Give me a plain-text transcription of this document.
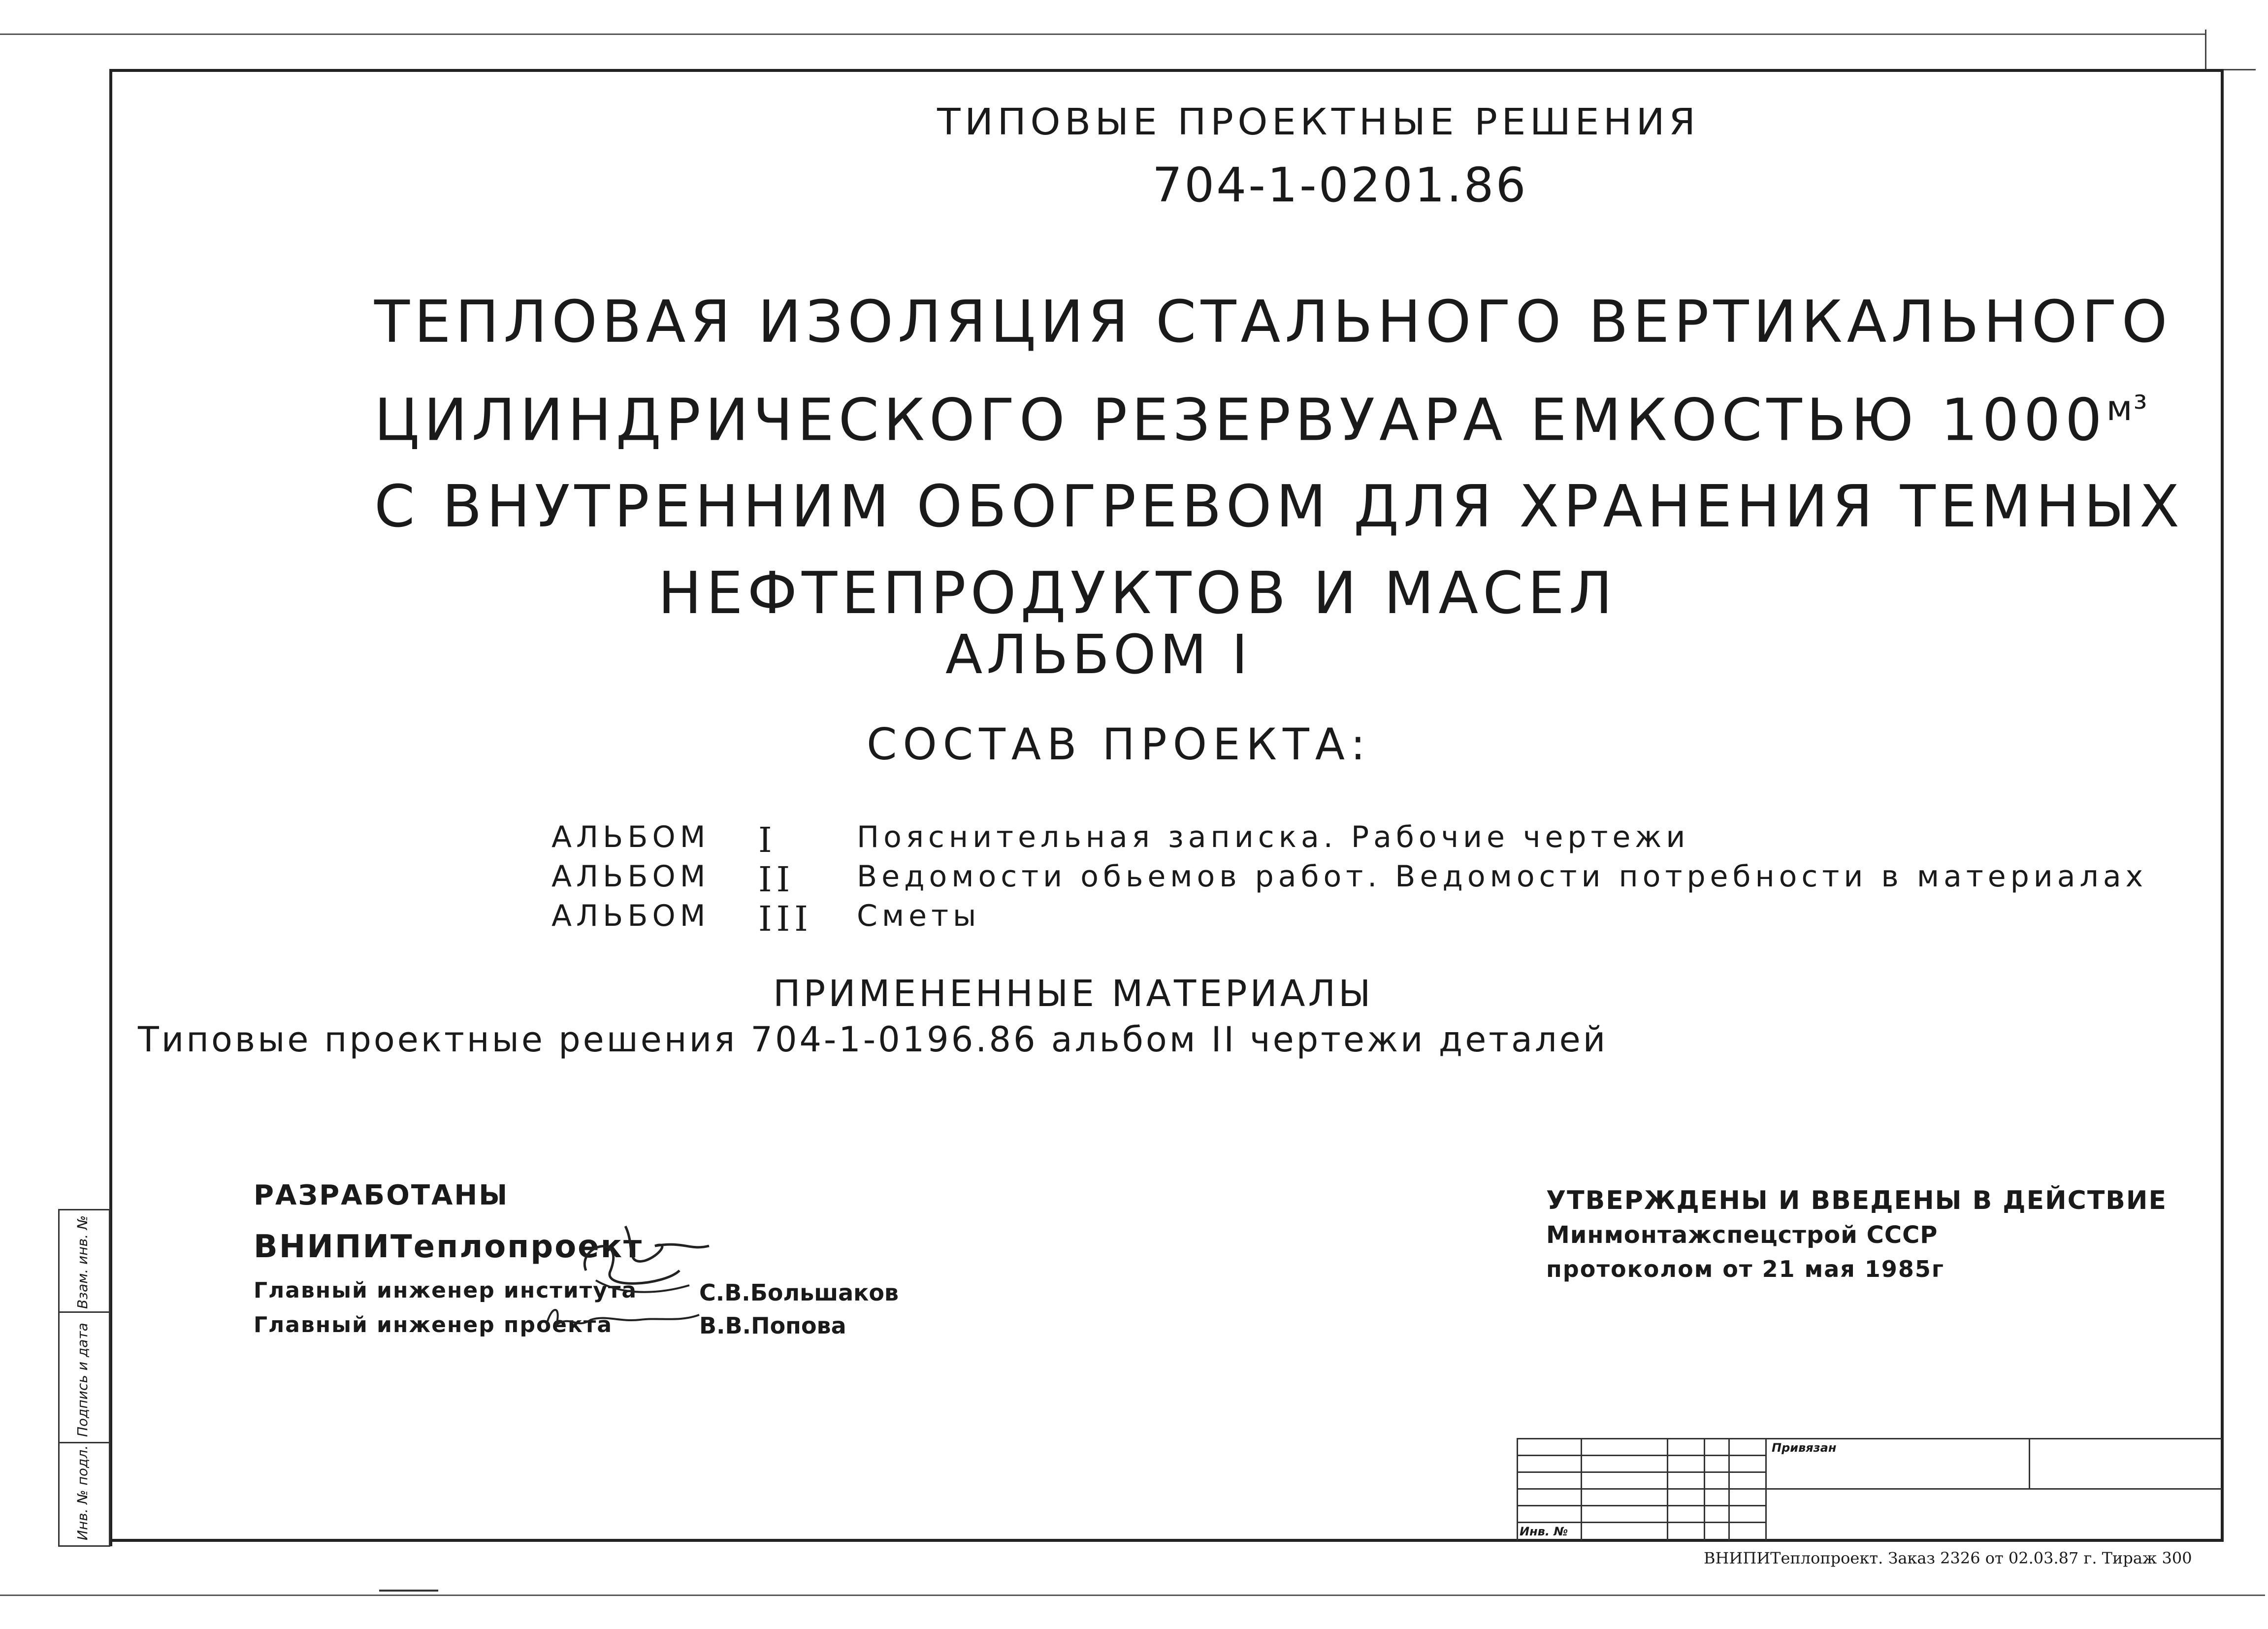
ТИПОВЫЕ ПРОЕКТНЫЕ РЕШЕНИЯ
704-1-0201.86
ТЕПЛОВАЯ ИЗОЛЯЦИЯ СТАЛЬНОГО ВЕРТИКАЛЬНОГО
ЦИЛИНДРИЧЕСКОГО РЕЗЕРВУАРА ЕМКОСТЬЮ $1000^{м^3}$
С ВНУТРЕННИМ ОБОГРЕВОМ ДЛЯ ХРАНЕНИЯ ТЕМНЫХ
НЕФТЕПРОДУКТОВ И МАСЕЛ
АЛЬБОМ I
СОСТАВ ПРОЕКТА:
АЛЬБОМ I	Пояснительная записка. Рабочие чертежи
АЛЬБОМ II Ведомости обьемов работ. Ведомости потребности в материалах
АЛЬБОМ III Сметы
ПРИМЕНЕННЫЕ МАТЕРИАЛЫ
Типовые проектные решения 704-1-0196.86 альбом II чертежи деталей
РАЗРАБОТАНЫ
ВНИПИТеплопроект
Главный инженер института	С.В.Большаков
Главный инженер проекта	В.В.Попова
УТВЕРЖДЕНЫ И ВВЕДЕНЫ В ДЕЙСТВИЕ
Минмонтажспецстрой СССР
протоколом от 21 мая 1985г
Взам. инв. №
Подпись и дата
Инв. № подл.	Привязан
Инв. №
ВНИПИТеплопроект. Заказ 2326 от 02.03.87 г. Тираж 300
